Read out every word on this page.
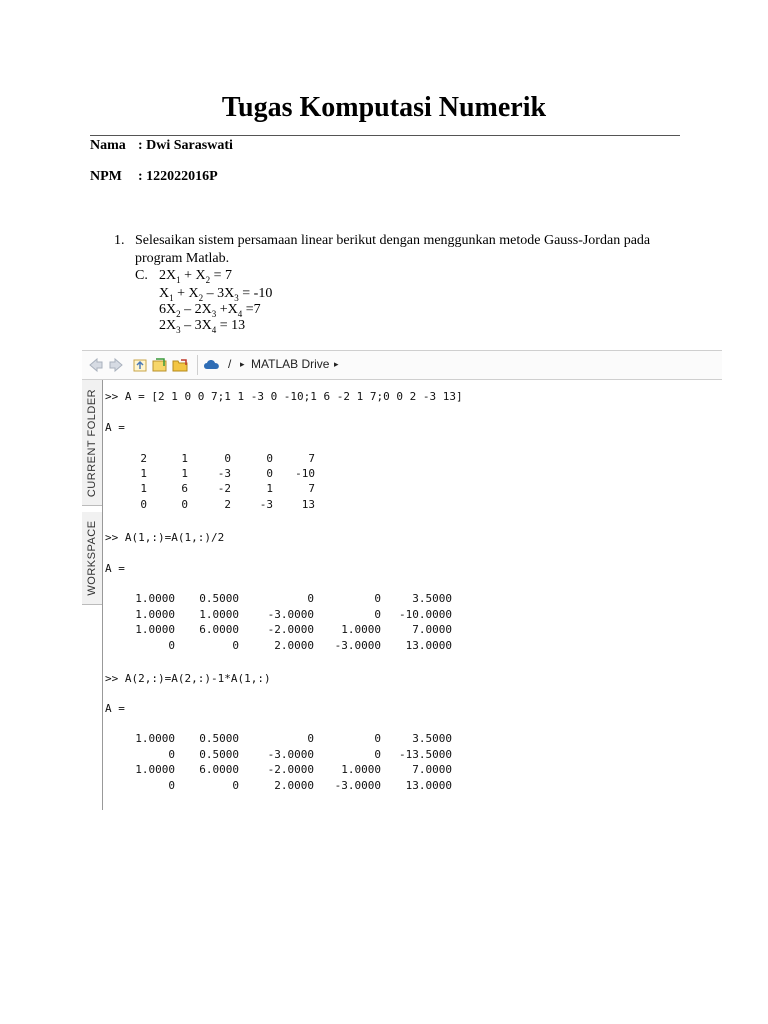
Tugas Komputasi Numerik
Nama : Dwi Saraswati
NPM : 122022016P
1. Selesaikan sistem persamaan linear berikut dengan menggunkan metode Gauss-Jordan pada program Matlab.
C. $2X_1 + X_2 = 7$
$X_1 + X_2 - 3X_3 = -10$
$6X_2 - 2X_3 +X_4 =7$
$2X_3 - 3X_4 = 13$
/ ▸ MATLAB Drive ▸
CURRENT FOLDER
WORKSPACE
>> A = [2 1 0 0 7;1 1 -3 0 -10;1 6 -2 1 7;0 0 2 -3 13]
A =
2	1	0	0	7
1	1	-3	0	-10
1	6	-2	1	7
0	0	2	-3	13
>> A(1,:)=A(1,:)/2
A =
1.0000	0.5000	0	0	3.5000
1.0000	1.0000	-3.0000	0	-10.0000
1.0000	6.0000	-2.0000	1.0000	7.0000
0	0	2.0000	-3.0000	13.0000
>> A(2,:)=A(2,:)-1*A(1,:)
A =
1.0000	0.5000	0	0	3.5000
0	0.5000	-3.0000	0	-13.5000
1.0000	6.0000	-2.0000	1.0000	7.0000
0	0	2.0000	-3.0000	13.0000
